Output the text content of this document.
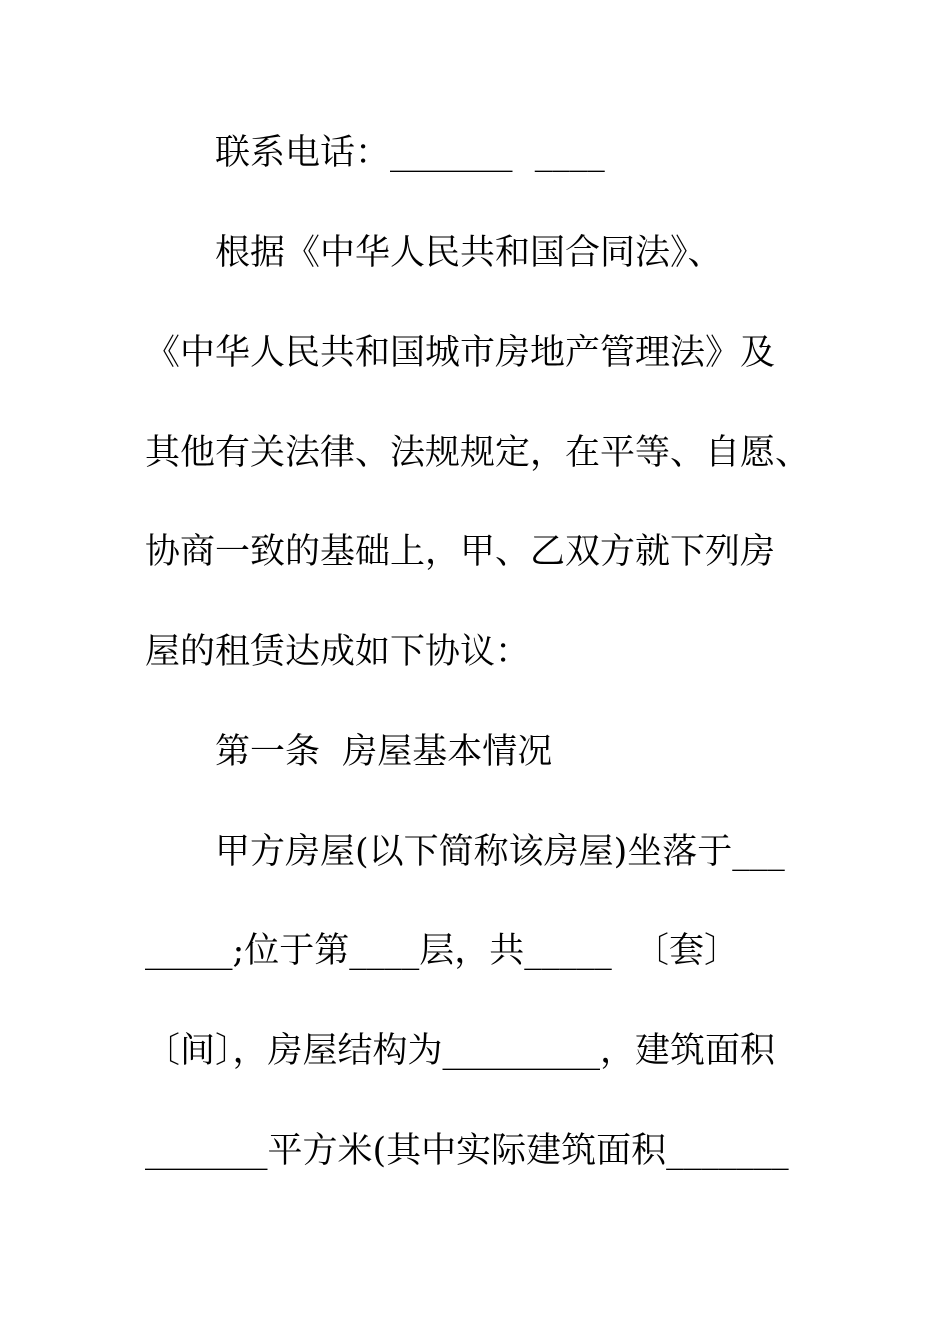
联系电话：_______  ____
根据《中华人民共和国合同法》、
《中华人民共和国城市房地产管理法》及
其他有关法律、法规规定，在平等、自愿、
协商一致的基础上，甲、乙双方就下列房
屋的租赁达成如下协议：
第一条  房屋基本情况
甲方房屋(以下简称该房屋)坐落于___
_____;位于第____层，共_____  〔套〕
〔间〕，房屋结构为_________，建筑面积
_______平方米(其中实际建筑面积_______
